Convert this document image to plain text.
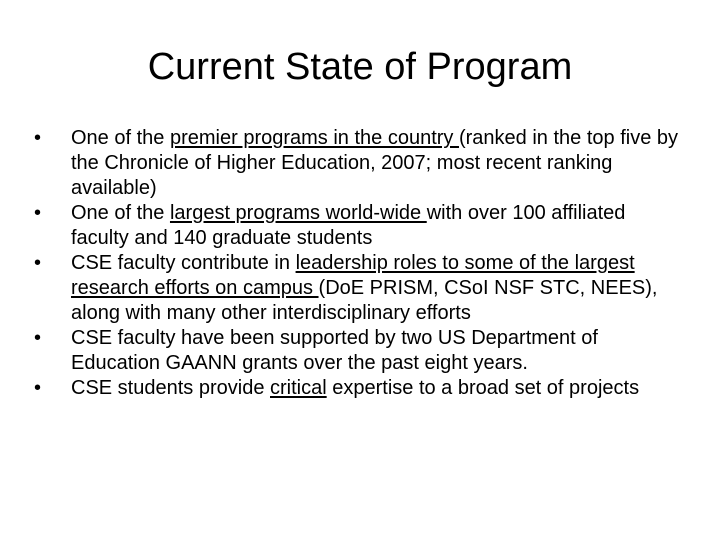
Current State of Program
•	One of the premier programs in the country (ranked in the top five by the Chronicle of Higher Education, 2007; most recent ranking available)
•	One of the largest programs world-wide with over 100 affiliated faculty and 140 graduate students
•	CSE faculty contribute in leadership roles to some of the largest research efforts on campus (DoE PRISM, CSoI NSF STC, NEES), along with many other interdisciplinary efforts
•	CSE faculty have been supported by two US Department of Education GAANN grants over the past eight years.
•	CSE students provide critical expertise to a broad set of projects
